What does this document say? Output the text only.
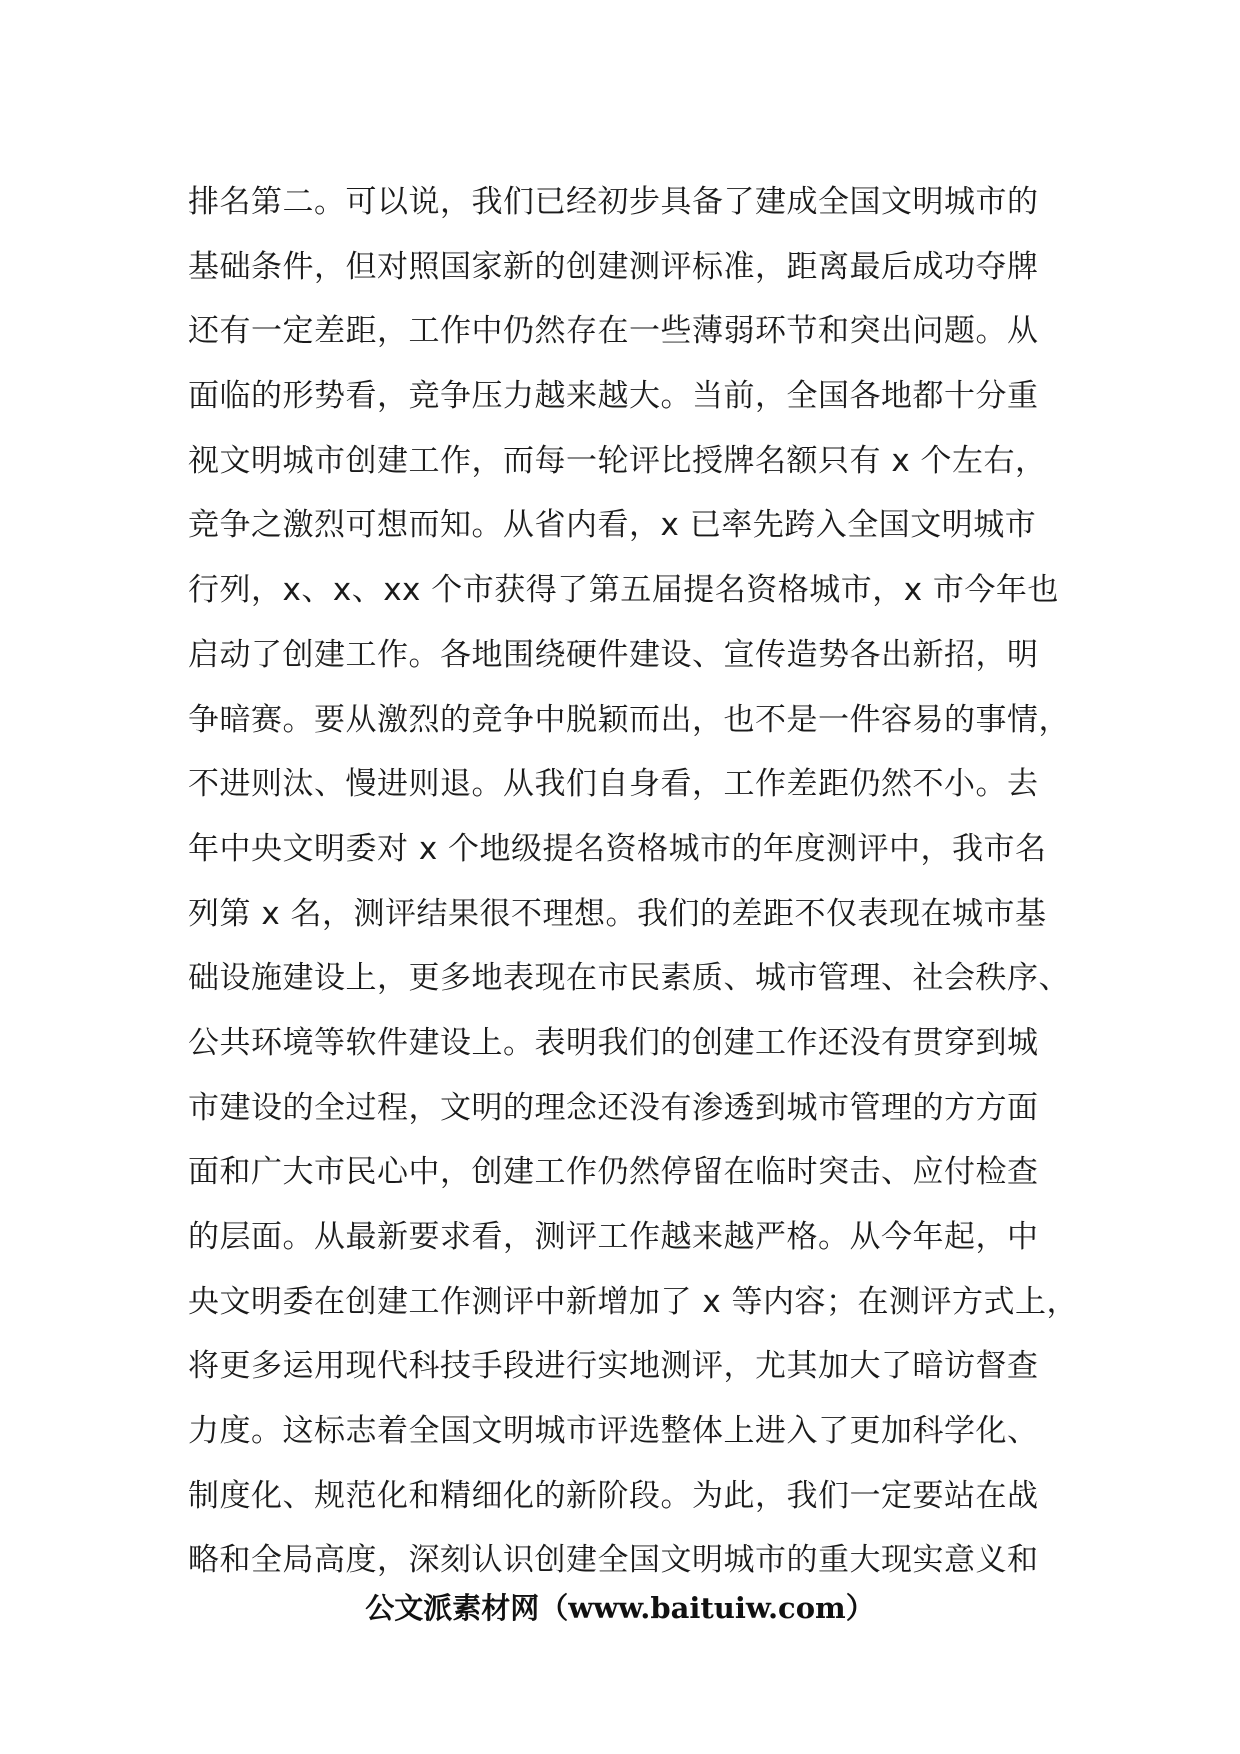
排名第二。可以说，我们已经初步具备了建成全国文明城市的
基础条件，但对照国家新的创建测评标准，距离最后成功夺牌
还有一定差距，工作中仍然存在一些薄弱环节和突出问题。从
面临的形势看，竞争压力越来越大。当前，全国各地都十分重
视文明城市创建工作，而每一轮评比授牌名额只有 x 个左右，
竞争之激烈可想而知。从省内看，x 已率先跨入全国文明城市
行列，x、x、xx 个市获得了第五届提名资格城市，x 市今年也
启动了创建工作。各地围绕硬件建设、宣传造势各出新招，明
争暗赛。要从激烈的竞争中脱颖而出，也不是一件容易的事情，
不进则汰、慢进则退。从我们自身看，工作差距仍然不小。去
年中央文明委对 x 个地级提名资格城市的年度测评中，我市名
列第 x 名，测评结果很不理想。我们的差距不仅表现在城市基
础设施建设上，更多地表现在市民素质、城市管理、社会秩序、
公共环境等软件建设上。表明我们的创建工作还没有贯穿到城
市建设的全过程，文明的理念还没有渗透到城市管理的方方面
面和广大市民心中，创建工作仍然停留在临时突击、应付检查
的层面。从最新要求看，测评工作越来越严格。从今年起，中
央文明委在创建工作测评中新增加了 x 等内容；在测评方式上，
将更多运用现代科技手段进行实地测评，尤其加大了暗访督查
力度。这标志着全国文明城市评选整体上进入了更加科学化、
制度化、规范化和精细化的新阶段。为此，我们一定要站在战
略和全局高度，深刻认识创建全国文明城市的重大现实意义和
公文派素材网（www.baituiw.com）
